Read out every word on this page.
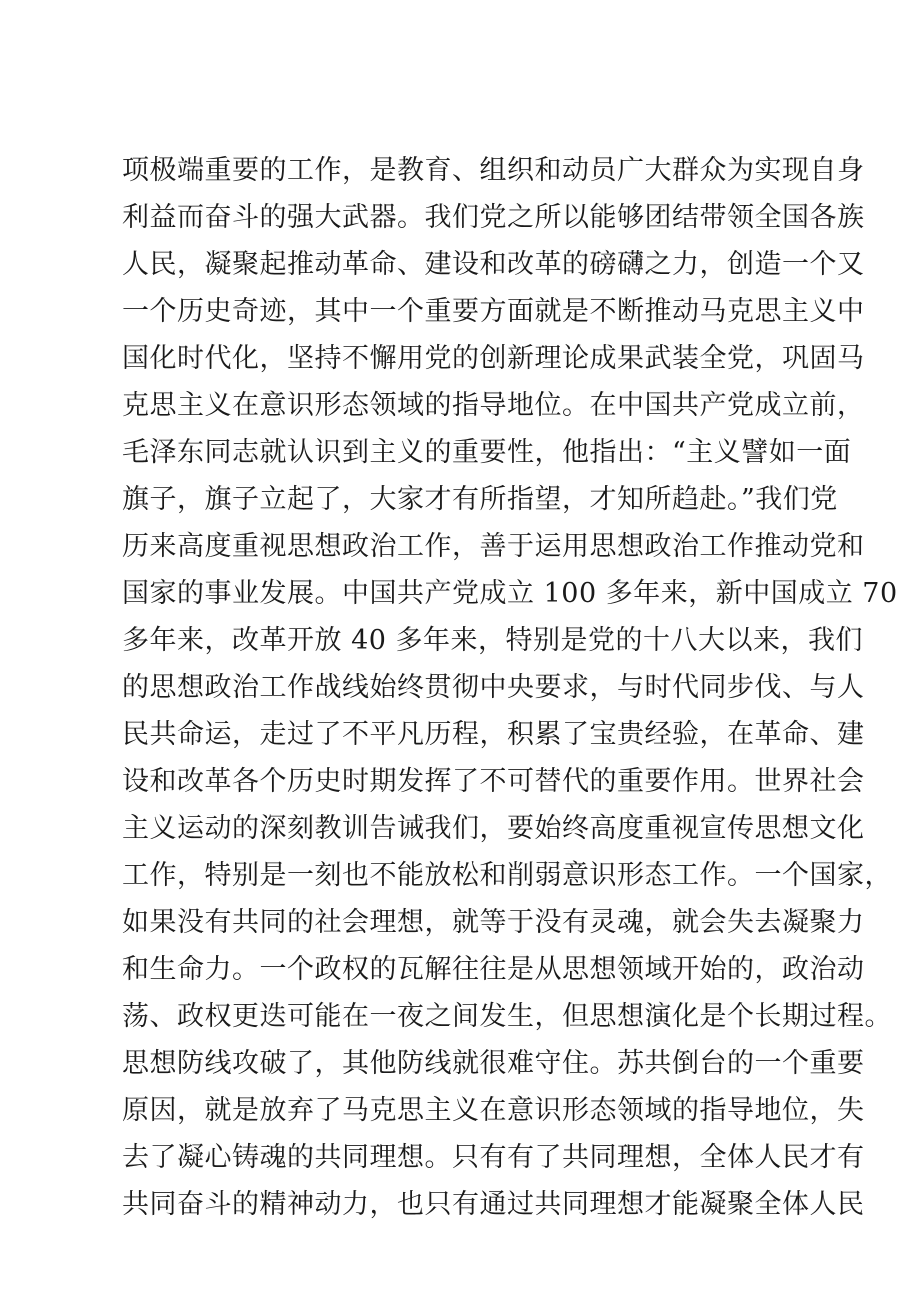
项极端重要的工作，是教育、组织和动员广大群众为实现自身
利益而奋斗的强大武器。我们党之所以能够团结带领全国各族
人民，凝聚起推动革命、建设和改革的磅礴之力，创造一个又
一个历史奇迹，其中一个重要方面就是不断推动马克思主义中
国化时代化，坚持不懈用党的创新理论成果武装全党，巩固马
克思主义在意识形态领域的指导地位。在中国共产党成立前，
毛泽东同志就认识到主义的重要性，他指出：“主义譬如一面
旗子，旗子立起了，大家才有所指望，才知所趋赴。”我们党
历来高度重视思想政治工作，善于运用思想政治工作推动党和
国家的事业发展。中国共产党成立 100 多年来，新中国成立 70
多年来，改革开放 40 多年来，特别是党的十八大以来，我们
的思想政治工作战线始终贯彻中央要求，与时代同步伐、与人
民共命运，走过了不平凡历程，积累了宝贵经验，在革命、建
设和改革各个历史时期发挥了不可替代的重要作用。世界社会
主义运动的深刻教训告诫我们，要始终高度重视宣传思想文化
工作，特别是一刻也不能放松和削弱意识形态工作。一个国家，
如果没有共同的社会理想，就等于没有灵魂，就会失去凝聚力
和生命力。一个政权的瓦解往往是从思想领域开始的，政治动
荡、政权更迭可能在一夜之间发生，但思想演化是个长期过程。
思想防线攻破了，其他防线就很难守住。苏共倒台的一个重要
原因，就是放弃了马克思主义在意识形态领域的指导地位，失
去了凝心铸魂的共同理想。只有有了共同理想，全体人民才有
共同奋斗的精神动力，也只有通过共同理想才能凝聚全体人民
